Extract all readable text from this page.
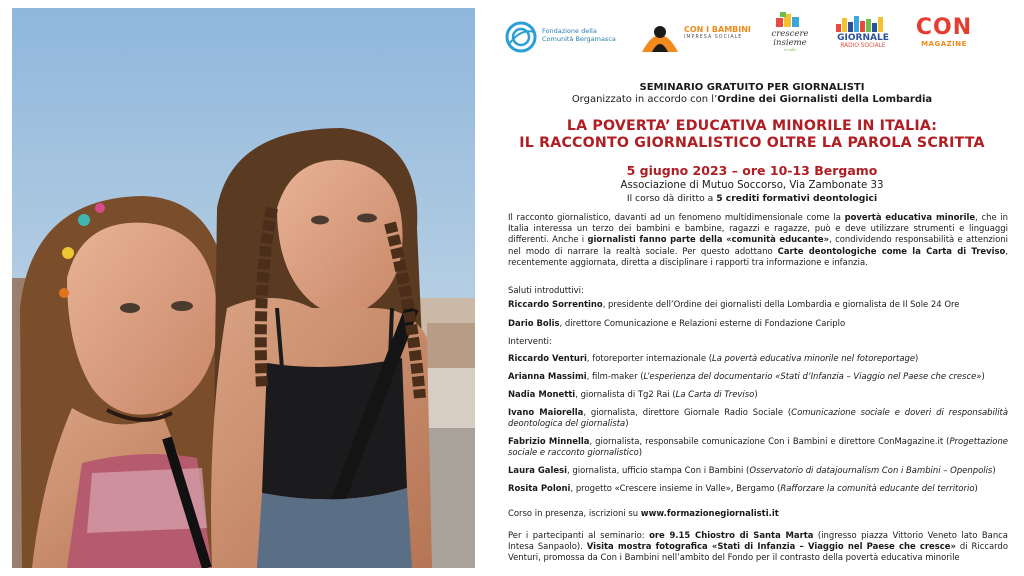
Fondazione della
Comunità Bergamasca
CON I BAMBINI
IMPRESA SOCIALE	crescere
insieme
in valle
GIORNALE
RADIO SOCIALE
CON
MAGAZINE
SEMINARIO GRATUITO PER GIORNALISTI
Organizzato in accordo con l’Ordine dei Giornalisti della Lombardia
LA POVERTA’ EDUCATIVA MINORILE IN ITALIA:
IL RACCONTO GIORNALISTICO OLTRE LA PAROLA SCRITTA
5 giugno 2023 – ore 10-13 Bergamo
Associazione di Mutuo Soccorso, Via Zambonate 33
Il corso dà diritto a 5 crediti formativi deontologici
Il racconto giornalistico, davanti ad un fenomeno multidimensionale come la povertà educativa minorile, che in Italia interessa un terzo dei bambini e bambine, ragazzi e ragazze, può e deve utilizzare strumenti e linguaggi differenti. Anche i giornalisti fanno parte della «comunità educante», condividendo responsabilità e attenzioni nel modo di narrare la realtà sociale. Per questo adottano Carte deontologiche come la Carta di Treviso, recentemente aggiornata, diretta a disciplinare i rapporti tra informazione e infanzia.
Saluti introduttivi:
Riccardo Sorrentino, presidente dell’Ordine dei giornalisti della Lombardia e giornalista de Il Sole 24 Ore
Dario Bolis, direttore Comunicazione e Relazioni esterne di Fondazione Cariplo
Interventi:
Riccardo Venturi, fotoreporter internazionale (La povertà educativa minorile nel fotoreportage)
Arianna Massimi, film-maker (L’esperienza del documentario «Stati d’Infanzia – Viaggio nel Paese che cresce»)
Nadia Monetti, giornalista di Tg2 Rai (La Carta di Treviso)
Ivano Maiorella, giornalista, direttore Giornale Radio Sociale (Comunicazione sociale e doveri di responsabilità deontologica del giornalista)
Fabrizio Minnella, giornalista, responsabile comunicazione Con i Bambini e direttore ConMagazine.it (Progettazione sociale e racconto giornalistico)
Laura Galesi, giornalista, ufficio stampa Con i Bambini (Osservatorio di datajournalism Con i Bambini – Openpolis)
Rosita Poloni, progetto «Crescere insieme in Valle», Bergamo (Rafforzare la comunità educante del territorio)
Corso in presenza, iscrizioni su www.formazionegiornalisti.it
Per i partecipanti al seminario: ore 9.15 Chiostro di Santa Marta (ingresso piazza Vittorio Veneto lato Banca Intesa Sanpaolo). Visita mostra fotografica «Stati di Infanzia – Viaggio nel Paese che cresce» di Riccardo Venturi, promossa da Con i Bambini nell’ambito del Fondo per il contrasto della povertà educativa minorile
